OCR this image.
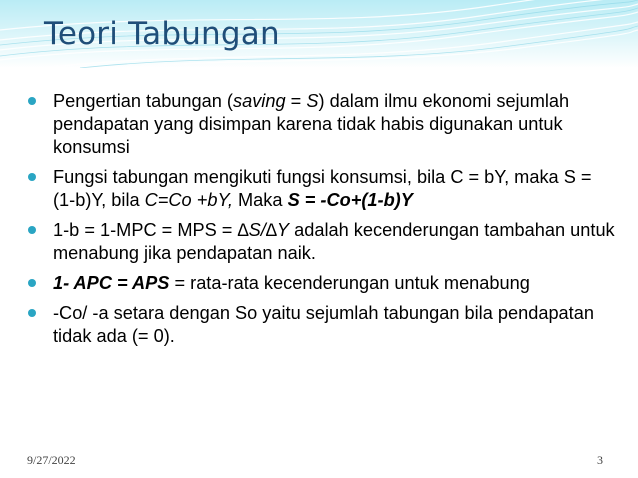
Teori Tabungan
Pengertian tabungan (saving = S) dalam ilmu ekonomi sejumlah pendapatan yang disimpan karena tidak habis digunakan untuk konsumsi
Fungsi tabungan mengikuti fungsi konsumsi, bila C = bY, maka S = (1-b)Y, bila C=Co +bY, Maka S = -Co+(1-b)Y
1-b = 1-MPC = MPS = ∆S/∆Y adalah kecenderungan tambahan untuk menabung jika pendapatan naik.
1- APC = APS = rata-rata kecenderungan untuk menabung
-Co/ -a setara dengan So yaitu sejumlah tabungan bila pendapatan tidak ada (= 0).
9/27/2022	3
